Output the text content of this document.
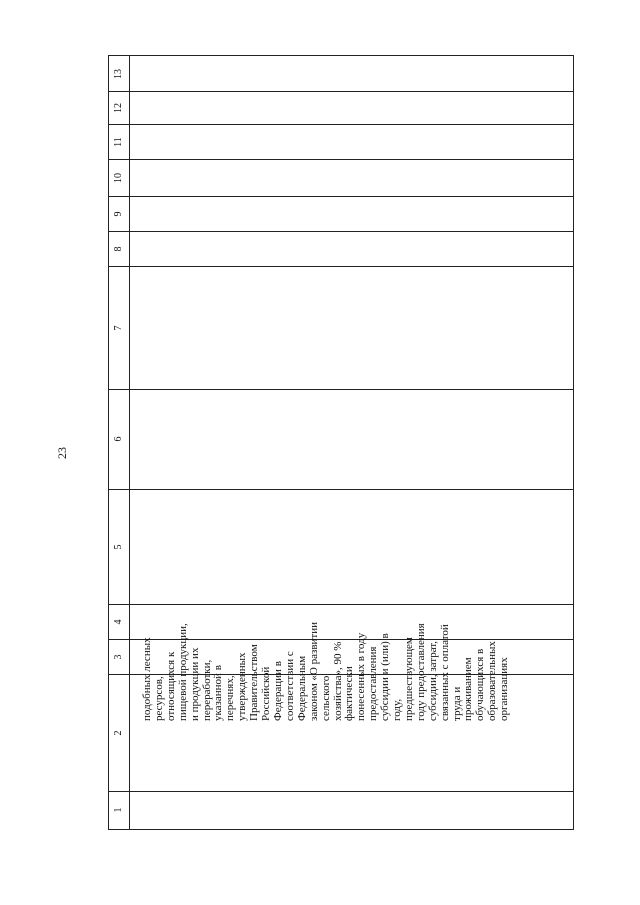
23
13
12
11
10
9
8
7
6
5
4
3
2
1
подобных лесных ресурсов, относящихся к пищевой продукции, и продукции их переработки, указанной в перечнях, утвержденных Правительством Российской Федерации в соответствии с Федеральным законом «О развитии сельского хозяйства», 90 % фактически понесенных в году предоставления субсидии и (или) в году, предшествующем году предоставления субсидии, затрат, связанных с оплатой труда и проживанием обучающихся в образовательных организациях
